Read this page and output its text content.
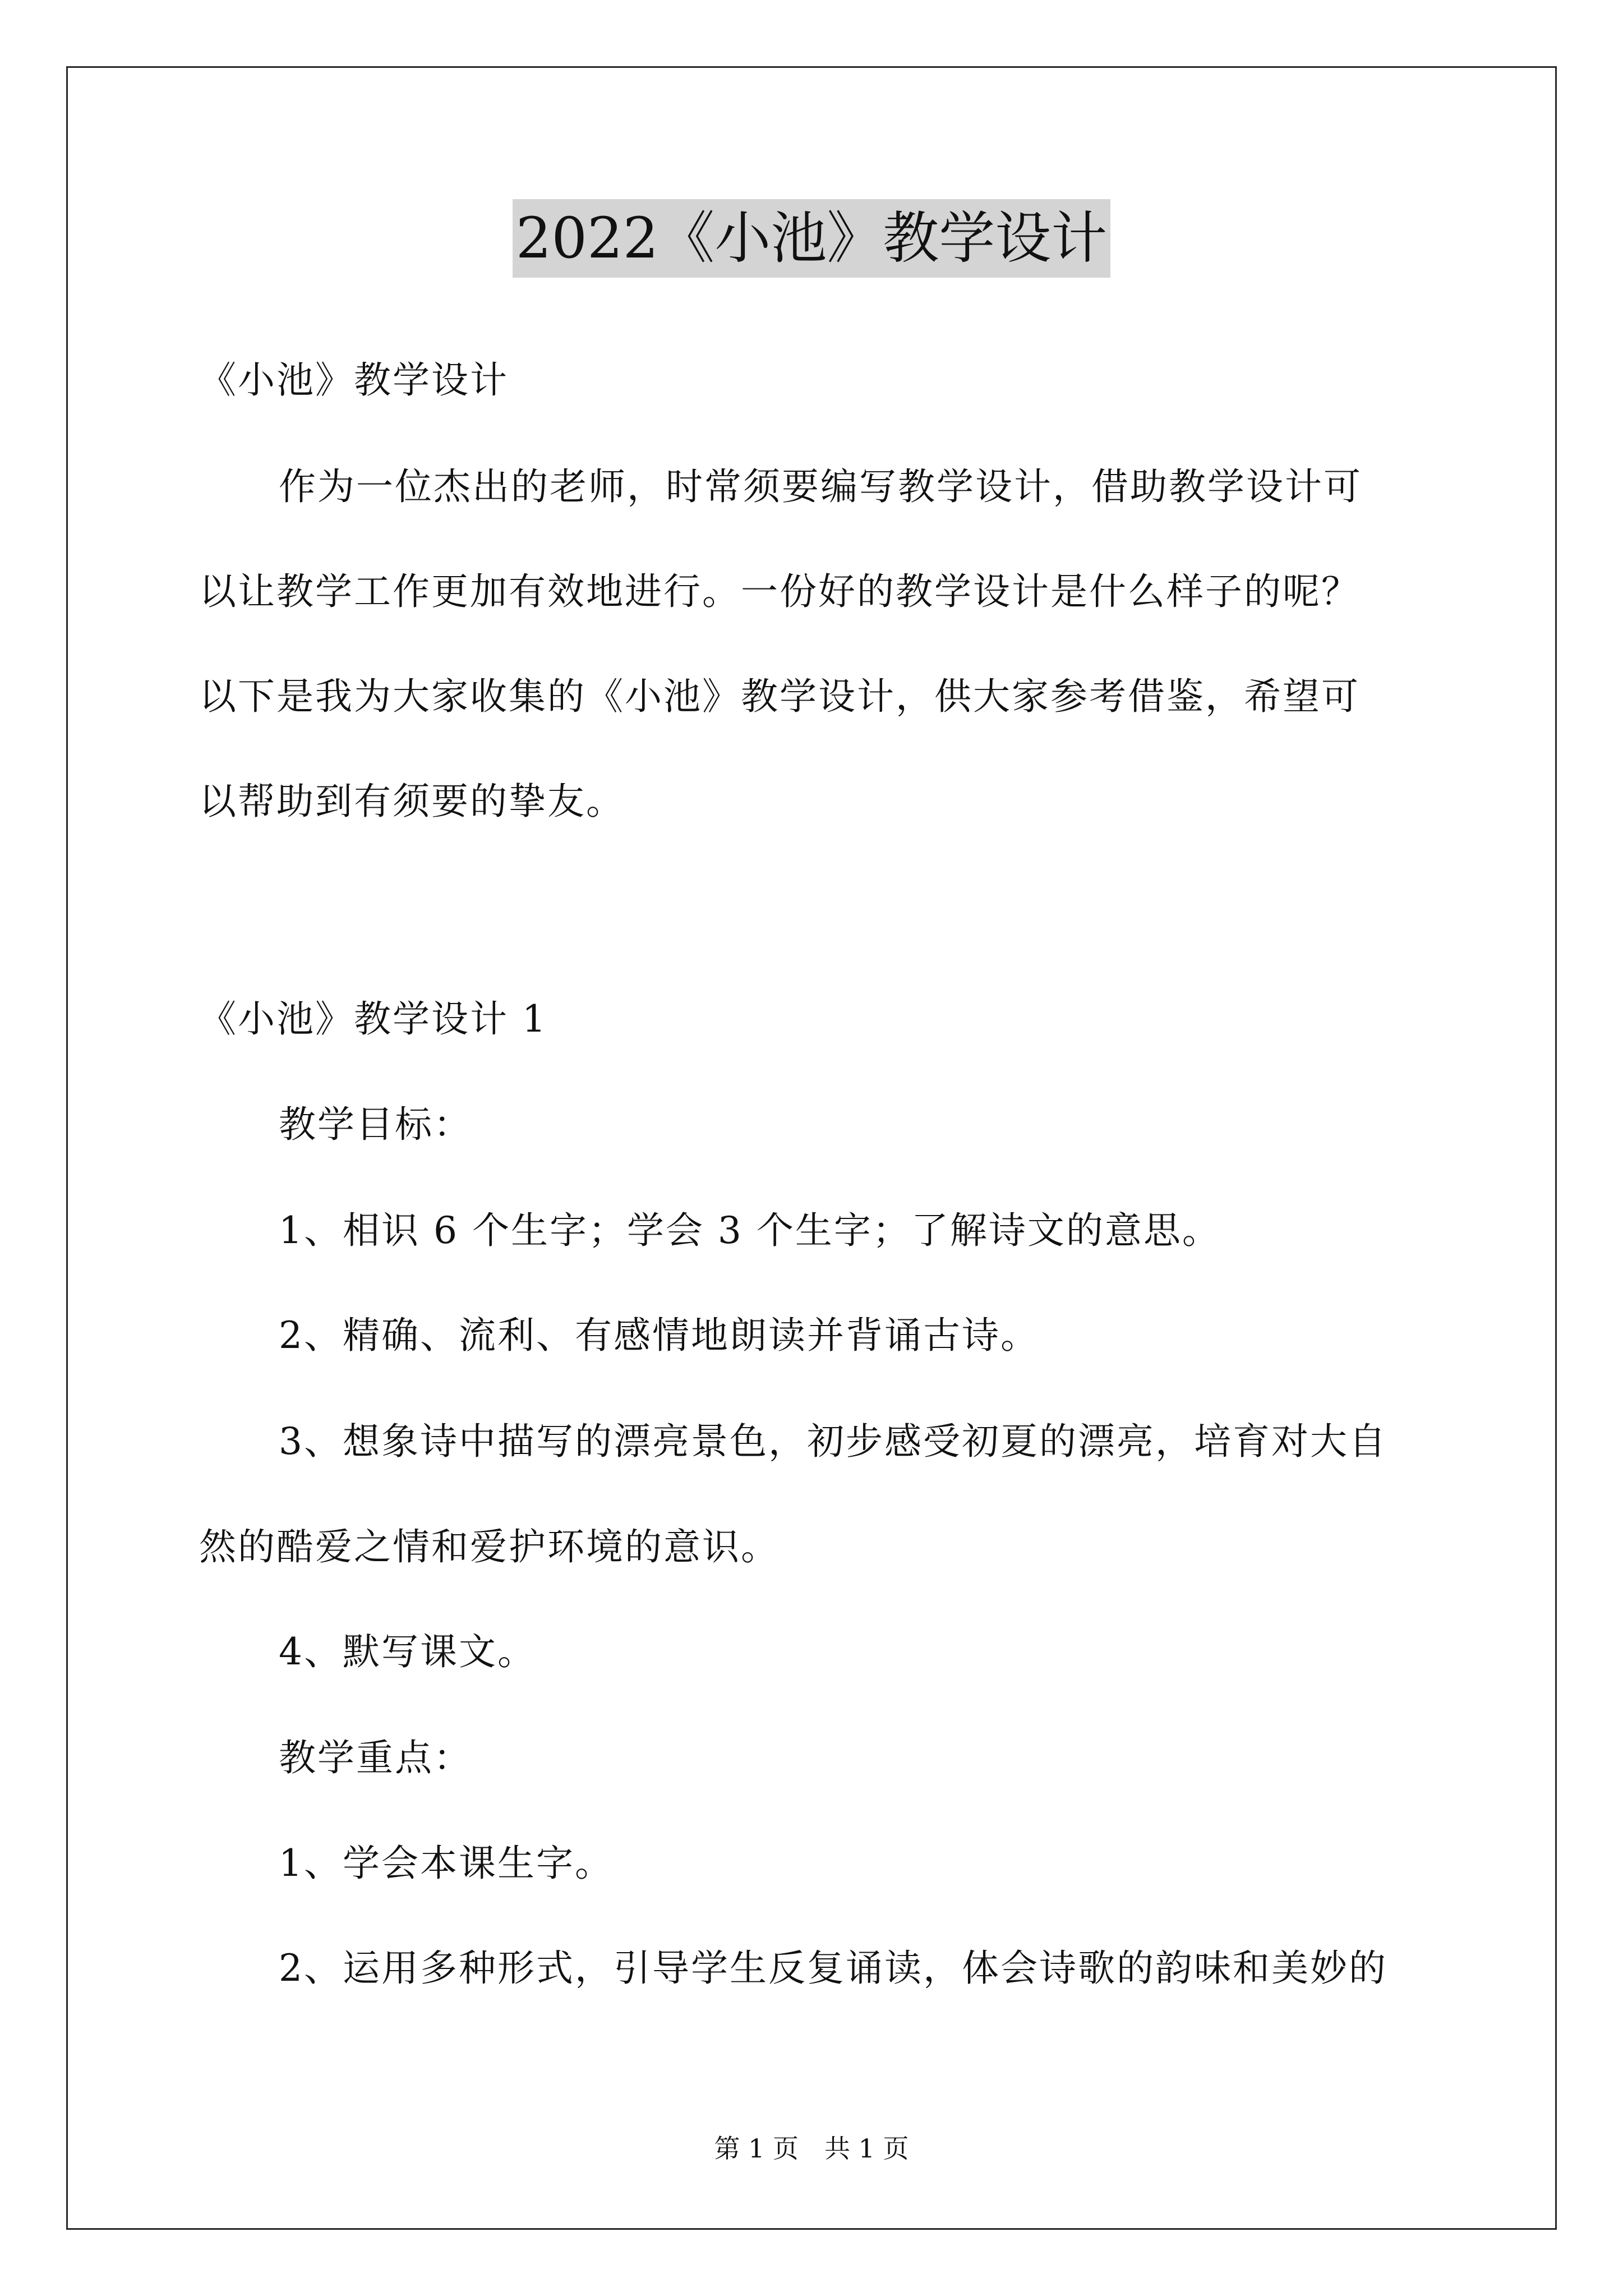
2022《小池》教学设计
《小池》教学设计
作为一位杰出的老师，时常须要编写教学设计，借助教学设计可
以让教学工作更加有效地进行。一份好的教学设计是什么样子的呢？
以下是我为大家收集的《小池》教学设计，供大家参考借鉴，希望可
以帮助到有须要的挚友。
《小池》教学设计 1
教学目标：
1、相识 6 个生字；学会 3 个生字；了解诗文的意思。
2、精确、流利、有感情地朗读并背诵古诗。
3、想象诗中描写的漂亮景色，初步感受初夏的漂亮，培育对大自
然的酷爱之情和爱护环境的意识。
4、默写课文。
教学重点：
1、学会本课生字。
2、运用多种形式，引导学生反复诵读，体会诗歌的韵味和美妙的
第 1 页　共 1 页
